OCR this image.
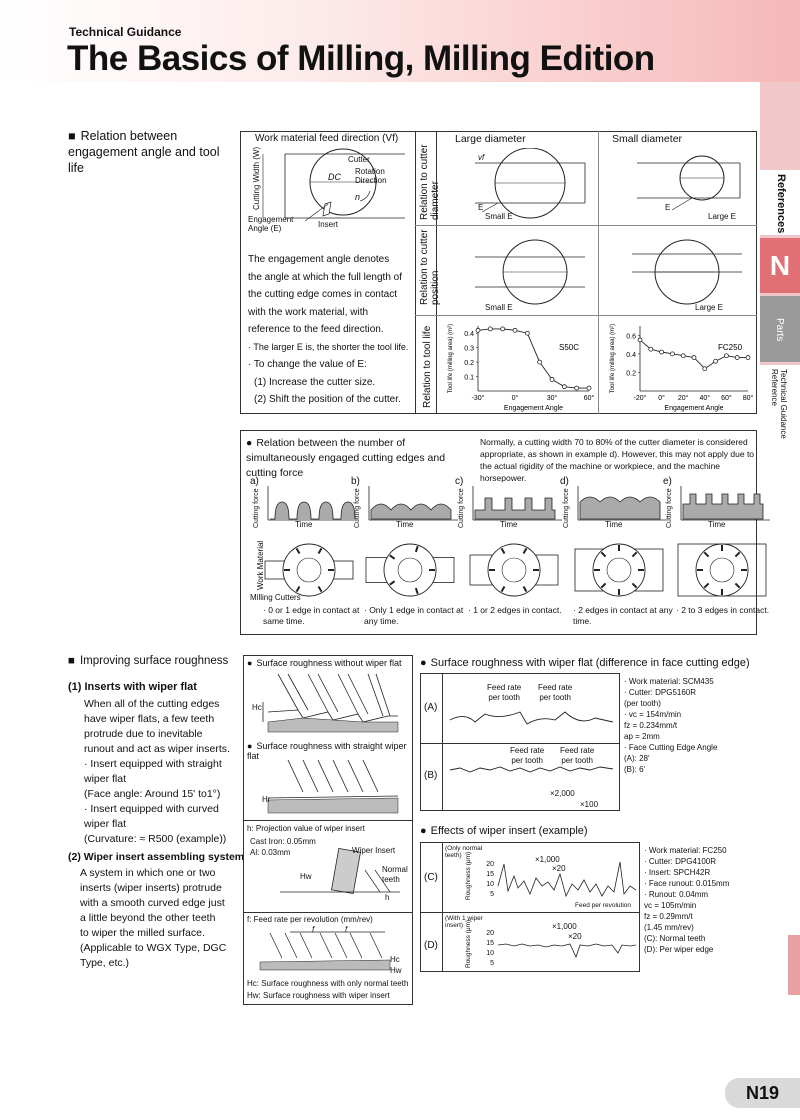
Technical Guidance
The Basics of Milling, Milling Edition
References
N
Parts
Technical Guidance Reference
■ Relation between engagement angle and tool life	Relation to cutter diameter
Relation to cutter position
Relation to tool life
Work material feed direction (Vf)	Large diameter	Small diameter
Cutting Width (W)	Cutter
Rotation Direction
DC
n
Insert
Engagement Angle (E)
The engagement angle denotes
the angle at which the full length of
the cutting edge comes in contact
with the work material, with
reference to the feed direction.
· The larger E is, the shorter the tool life.
· To change the value of E:
(1) Increase the cutter size.
(2) Shift the position of the cutter.
Small E	Large E
vf
E	E
Small E	Large E
0.4
0.3
0.2
0.1
-30°	0°	30°	60°
Engagement Angle
Tool life (milling area) (m²)	S50C
0.6
0.4
0.2
-20° 0° 20° 40° 60° 80°
Engagement Angle
Tool life (milling area) (m²)	FC250
● Relation between the number of simultaneously engaged cutting edges and cutting force
Normally, a cutting width 70 to 80% of the cutter diameter is considered appropriate, as shown in example d). However, this may not apply due to the actual rigidity of the machine or workpiece, and the machine horsepower.
a)
Cutting force	Time
· 0 or 1 edge in contact at same time.
b)
Cutting force	Time
· Only 1 edge in contact at any time.
c)
Cutting force	Time
· 1 or 2 edges in contact.
d)
Cutting force	Time
· 2 edges in contact at any time.
e)
Cutting force	Time
· 2 to 3 edges in contact.
Work Material
Milling Cutters
■ Improving surface roughness
(1) Inserts with wiper flat
When all of the cutting edges
have wiper flats, a few teeth
protrude due to inevitable
runout and act as wiper inserts.
· Insert equipped with straight
wiper flat
(Face angle: Around 15' to1°)
· Insert equipped with curved
wiper flat
(Curvature: ≈ R500 (example))
(2) Wiper insert assembling system
A system in which one or two
inserts (wiper inserts) protrude
with a smooth curved edge just
a little beyond the other teeth
to wiper the milled surface.
(Applicable to WGX Type, DGC
Type, etc.)
● Surface roughness without wiper flat
Hc
● Surface roughness with straight wiper flat
Hr
h: Projection value of wiper insert
Cast Iron: 0.05mm
Al: 0.03mm	Wiper Insert
Normal teeth
Hw
h
f: Feed rate per revolution (mm/rev)
f	f
Hc
Hw
Hc: Surface roughness with only normal teeth
Hw: Surface roughness with wiper insert
● Surface roughness with wiper flat (difference in face cutting edge)
(A)
(B)
Feed rate
per tooth
Feed rate
per tooth
Feed rate
per tooth
Feed rate
per tooth
×2,000
×100
· Work material: SCM435
· Cutter: DPG5160R
(per tooth)
· vc = 154m/min
fz = 0.234mm/t
ap = 2mm
· Face Cutting Edge Angle
(A): 28'
(B): 6'
● Effects of wiper insert (example)
(C)
(D)
(Only normal teeth)
(With 1 wiper insert)
Roughness (μm)
Roughness (μm)
20
15
10
5
20
15
10
5
×1,000
×20
Feed per revolution
×1,000
×20
· Work material: FC250
· Cutter: DPG4100R
· Insert: SPCH42R
· Face runout: 0.015mm
· Runout: 0.04mm
vc = 105m/min
fz = 0.29mm/t
(1.45 mm/rev)
(C): Normal teeth
(D): Per wiper edge
N19
